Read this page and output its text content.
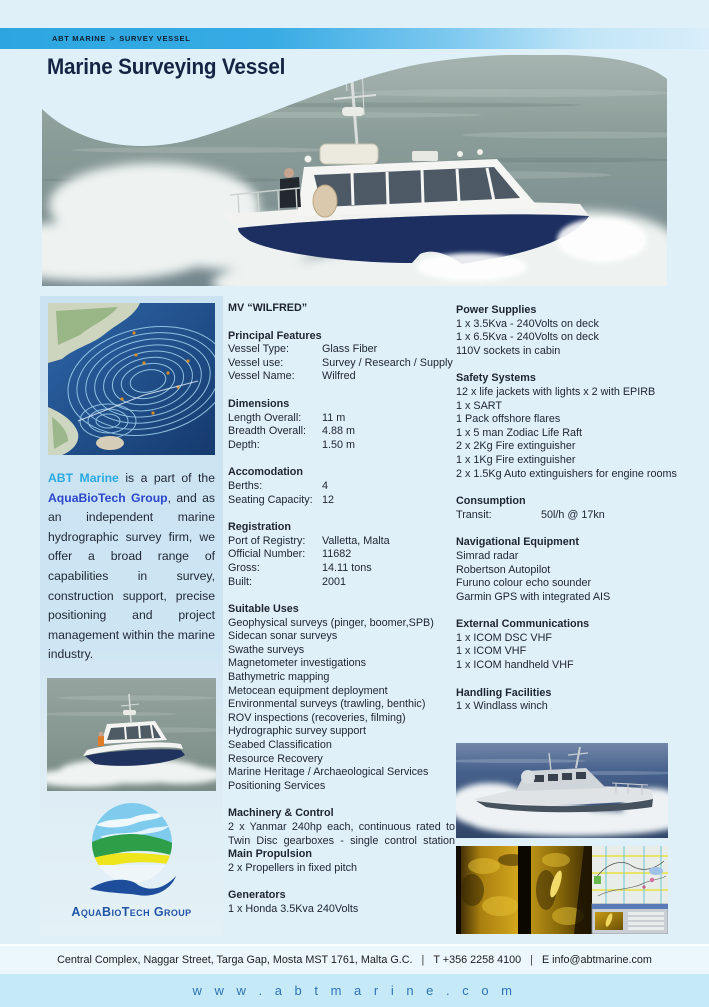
ABT MARINE > SURVEY VESSEL
Marine Surveying Vessel

ABT Marine is a part of the AquaBioTech Group, and as an independent marine hydrographic survey firm, we offer a broad range of capabilities in survey, construction support, precise positioning and project management within the marine industry.

AquaBioTech Group
MV “WILFRED”
Principal Features
Vessel Type:	Glass Fiber
Vessel use:	Survey / Research / Supply
Vessel Name:	Wilfred
Dimensions
Length Overall:	11 m
Breadth Overall:	4.88 m
Depth:	1.50 m
Accomodation
Berths:	4
Seating Capacity: 12
Registration
Port of Registry:	Valletta, Malta
Official Number:	11682
Gross:	14.11 tons
Built:	2001
Suitable Uses
Geophysical surveys (pinger, boomer,SPB)
Sidecan sonar surveys
Swathe surveys
Magnetometer investigations
Bathymetric mapping
Metocean equipment deployment
Environmental surveys (trawling, benthic)
ROV inspections (recoveries, filming)
Hydrographic survey support
Seabed Classification
Resource Recovery
Marine Heritage / Archaeological Services
Positioning Services
Machinery & Control
2 x Yanmar 240hp each, continuous rated to Twin Disc gearboxes - single control station
Main Propulsion
2 x Propellers in fixed pitch
Generators
1 x Honda 3.5Kva 240Volts
Power Supplies
1 x 3.5Kva - 240Volts on deck
1 x 6.5Kva - 240Volts on deck
110V sockets in cabin
Safety Systems
12 x life jackets with lights x 2 with EPIRB
1 x SART
1 Pack offshore flares
1 x 5 man Zodiac Life Raft
2 x 2Kg Fire extinguisher
1 x 1Kg Fire extinguisher
2 x 1.5Kg Auto extinguishers for engine rooms
Consumption
Transit:	50l/h @ 17kn
Navigational Equipment
Simrad radar
Robertson Autopilot
Furuno colour echo sounder
Garmin GPS with integrated AIS
External Communications
1 x ICOM DSC VHF
1 x ICOM VHF
1 x ICOM handheld VHF
Handling Facilities
1 x Windlass winch
Central Complex, Naggar Street, Targa Gap, Mosta MST 1761, Malta G.C. | T +356 2258 4100 | E info@abtmarine.com
w w w . a b t m a r i n e . c o m
